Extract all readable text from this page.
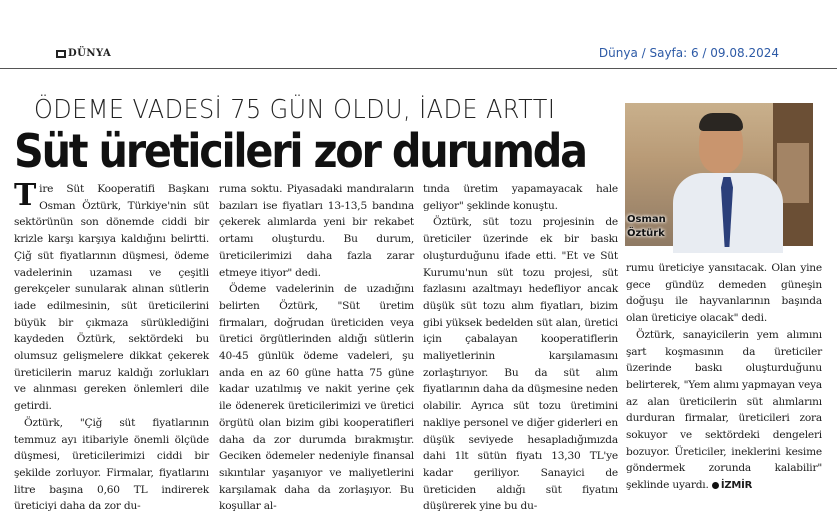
DÜNYA	Dünya / Sayfa: 6 / 09.08.2024
ÖDEME VADESİ 75 GÜN OLDU, İADE ARTTI
Süt üreticileri zor durumda

Tire Süt Kooperatifi Başkanı Osman Öztürk, Türkiye'nin süt sektörünün son dönemde ciddi bir krizle karşı karşıya kaldığını belirtti. Çiğ süt fiyatlarının düşmesi, ödeme vadelerinin uzaması ve çeşitli gerekçeler sunularak alınan sütlerin iade edilmesinin, süt üreticilerini büyük bir çıkmaza sürüklediğini kaydeden Öztürk, sektördeki bu olumsuz gelişmelere dikkat çekerek üreticilerin maruz kaldığı zorlukları ve alınması gereken önlemleri dile getirdi.

Öztürk, "Çiğ süt fiyatlarının temmuz ayı itibariyle önemli ölçüde düşmesi, üreticilerimizi ciddi bir şekilde zorluyor. Firmalar, fiyatlarını litre başına 0,60 TL indirerek üreticiyi daha da zor du-

ruma soktu. Piyasadaki mandıraların bazıları ise fiyatları 13-13,5 bandına çekerek alımlarda yeni bir rekabet ortamı oluşturdu. Bu durum, üreticilerimizi daha fazla zarar etmeye itiyor" dedi.

Ödeme vadelerinin de uzadığını belirten Öztürk, "Süt üretim firmaları, doğrudan üreticiden veya üretici örgütlerinden aldığı sütlerin 40-45 günlük ödeme vadeleri, şu anda en az 60 güne hatta 75 güne kadar uzatılmış ve nakit yerine çek ile ödenerek üreticilerimizi ve üretici örgütü olan bizim gibi kooperatifleri daha da zor durumda bırakmıştır. Geciken ödemeler nedeniyle finansal sıkıntılar yaşanıyor ve maliyetlerini karşılamak daha da zorlaşıyor. Bu koşullar al-

tında üretim yapamayacak hale geliyor" şeklinde konuştu.

Öztürk, süt tozu projesinin de üreticiler üzerinde ek bir baskı oluşturduğunu ifade etti. "Et ve Süt Kurumu'nun süt tozu projesi, süt fazlasını azaltmayı hedefliyor ancak düşük süt tozu alım fiyatları, bizim gibi yüksek bedelden süt alan, üretici için çabalayan kooperatiflerin maliyetlerinin karşılamasını zorlaştırıyor. Bu da süt alım fiyatlarının daha da düşmesine neden olabilir. Ayrıca süt tozu üretimini nakliye personel ve diğer giderleri en düşük seviyede hesapladığımızda dahi 1lt sütün fiyatı 13,30 TL'ye kadar geriliyor. Sanayici de üreticiden aldığı süt fiyatını düşürerek yine bu du-

Osman Öztürk

rumu üreticiye yansıtacak. Olan yine gece gündüz demeden güneşin doğuşu ile hayvanlarının başında olan üreticiye olacak" dedi.

Öztürk, sanayicilerin yem alımını şart koşmasının da üreticiler üzerinde baskı oluşturduğunu belirterek, "Yem alımı yapmayan veya az alan üreticilerin süt alımlarını durduran firmalar, üreticileri zora sokuyor ve sektördeki dengeleri bozuyor. Üreticiler, ineklerini kesime göndermek zorunda kalabilir" şeklinde uyardı. İZMİR
